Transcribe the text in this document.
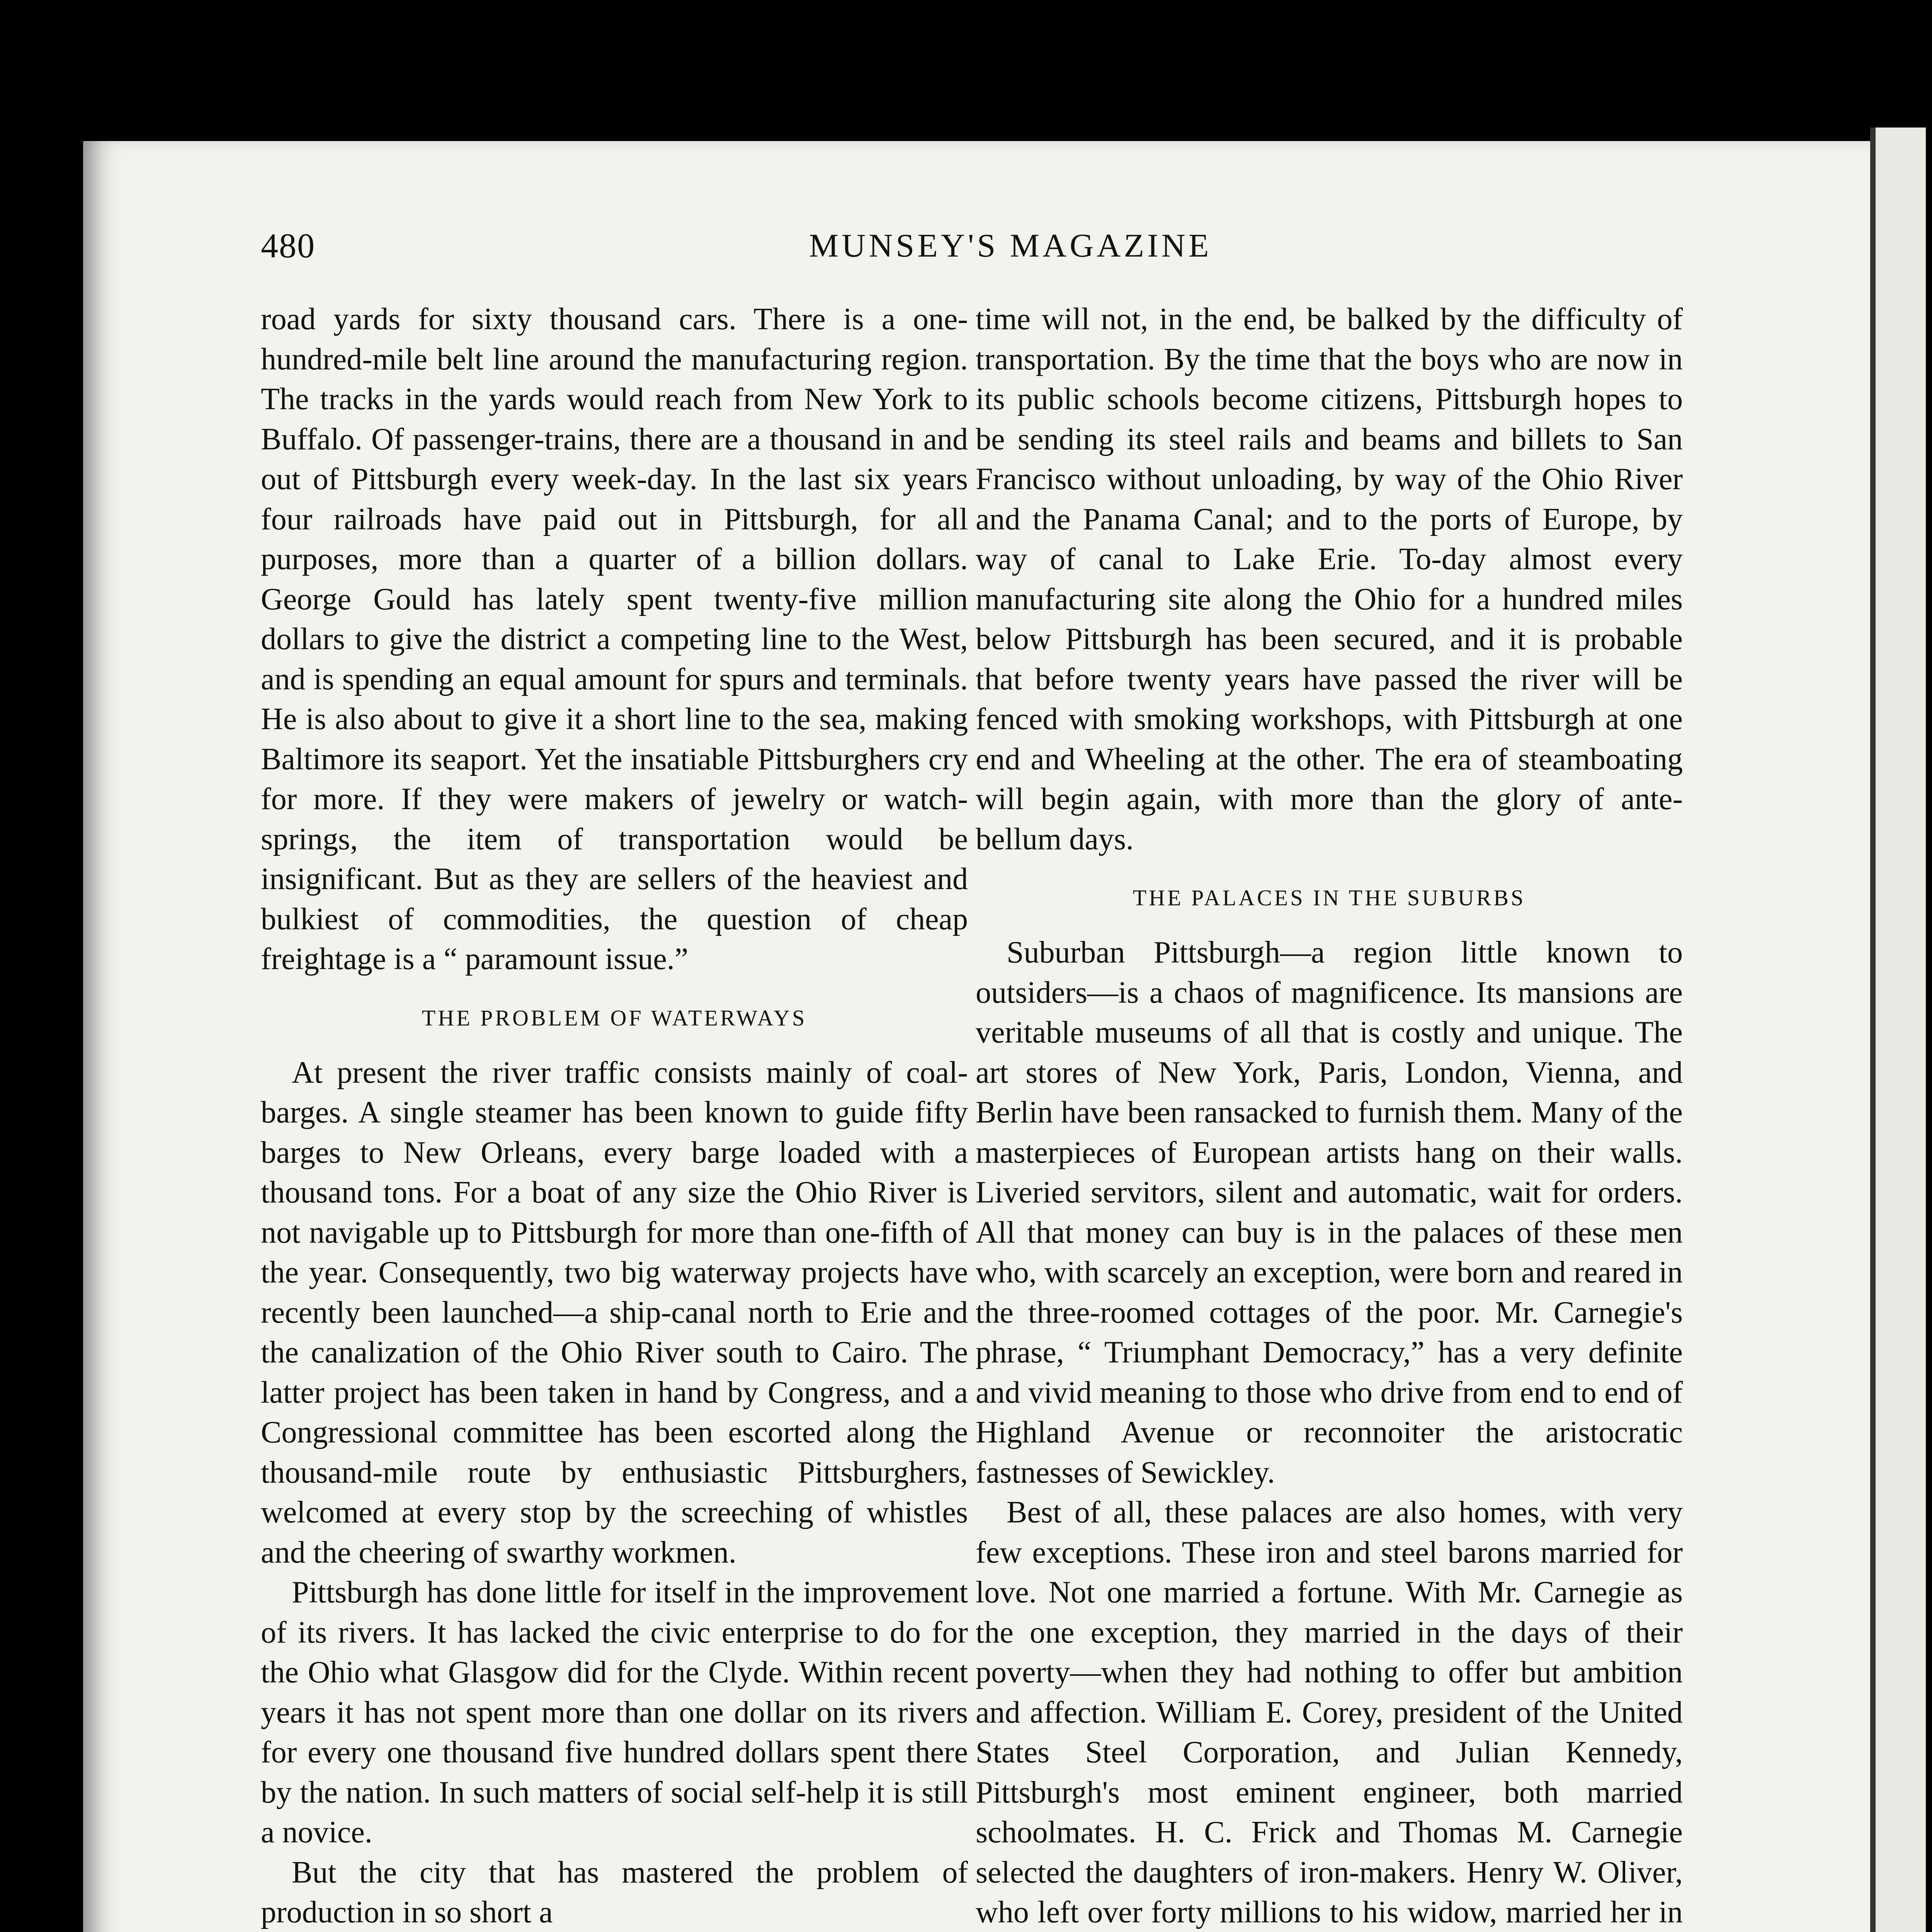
480	MUNSEY'S MAGAZINE

road yards for sixty thousand cars. There is a one-hundred-mile belt line around the manufacturing region. The tracks in the yards would reach from New York to Buffalo. Of passenger-trains, there are a thousand in and out of Pittsburgh every week-day. In the last six years four railroads have paid out in Pittsburgh, for all purposes, more than a quarter of a billion dollars. George Gould has lately spent twenty-five million dollars to give the district a competing line to the West, and is spending an equal amount for spurs and terminals. He is also about to give it a short line to the sea, making Baltimore its seaport. Yet the insatiable Pittsburghers cry for more. If they were makers of jewelry or watch-springs, the item of transportation would be insignificant. But as they are sellers of the heaviest and bulkiest of commodities, the question of cheap freightage is a “ paramount issue.”

THE PROBLEM OF WATERWAYS

At present the river traffic consists mainly of coal-barges. A single steamer has been known to guide fifty barges to New Orleans, every barge loaded with a thousand tons. For a boat of any size the Ohio River is not navigable up to Pittsburgh for more than one-fifth of the year. Consequently, two big waterway projects have recently been launched—a ship-canal north to Erie and the canalization of the Ohio River south to Cairo. The latter project has been taken in hand by Congress, and a Congressional committee has been escorted along the thousand-mile route by enthusiastic Pittsburghers, welcomed at every stop by the screeching of whistles and the cheering of swarthy workmen.

Pittsburgh has done little for itself in the improvement of its rivers. It has lacked the civic enterprise to do for the Ohio what Glasgow did for the Clyde. Within recent years it has not spent more than one dollar on its rivers for every one thousand five hundred dollars spent there by the nation. In such matters of social self-help it is still a novice.

But the city that has mastered the problem of production in so short a

time will not, in the end, be balked by the difficulty of transportation. By the time that the boys who are now in its public schools become citizens, Pittsburgh hopes to be sending its steel rails and beams and billets to San Francisco without unloading, by way of the Ohio River and the Panama Canal; and to the ports of Europe, by way of canal to Lake Erie. To-day almost every manufacturing site along the Ohio for a hundred miles below Pittsburgh has been secured, and it is probable that before twenty years have passed the river will be fenced with smoking workshops, with Pittsburgh at one end and Wheeling at the other. The era of steamboating will begin again, with more than the glory of ante-bellum days.

THE PALACES IN THE SUBURBS

Suburban Pittsburgh—a region little known to outsiders—is a chaos of magnificence. Its mansions are veritable museums of all that is costly and unique. The art stores of New York, Paris, London, Vienna, and Berlin have been ransacked to furnish them. Many of the masterpieces of European artists hang on their walls. Liveried servitors, silent and automatic, wait for orders. All that money can buy is in the palaces of these men who, with scarcely an exception, were born and reared in the three-roomed cottages of the poor. Mr. Carnegie's phrase, “ Triumphant Democracy,” has a very definite and vivid meaning to those who drive from end to end of Highland Avenue or reconnoiter the aristocratic fastnesses of Sewickley.

Best of all, these palaces are also homes, with very few exceptions. These iron and steel barons married for love. Not one married a fortune. With Mr. Carnegie as the one exception, they married in the days of their poverty—when they had nothing to offer but ambition and affection. William E. Corey, president of the United States Steel Corporation, and Julian Kennedy, Pittsburgh's most eminent engineer, both married schoolmates. H. C. Frick and Thomas M. Carnegie selected the daughters of iron-makers. Henry W. Oliver, who left over forty millions to his widow, married her in
